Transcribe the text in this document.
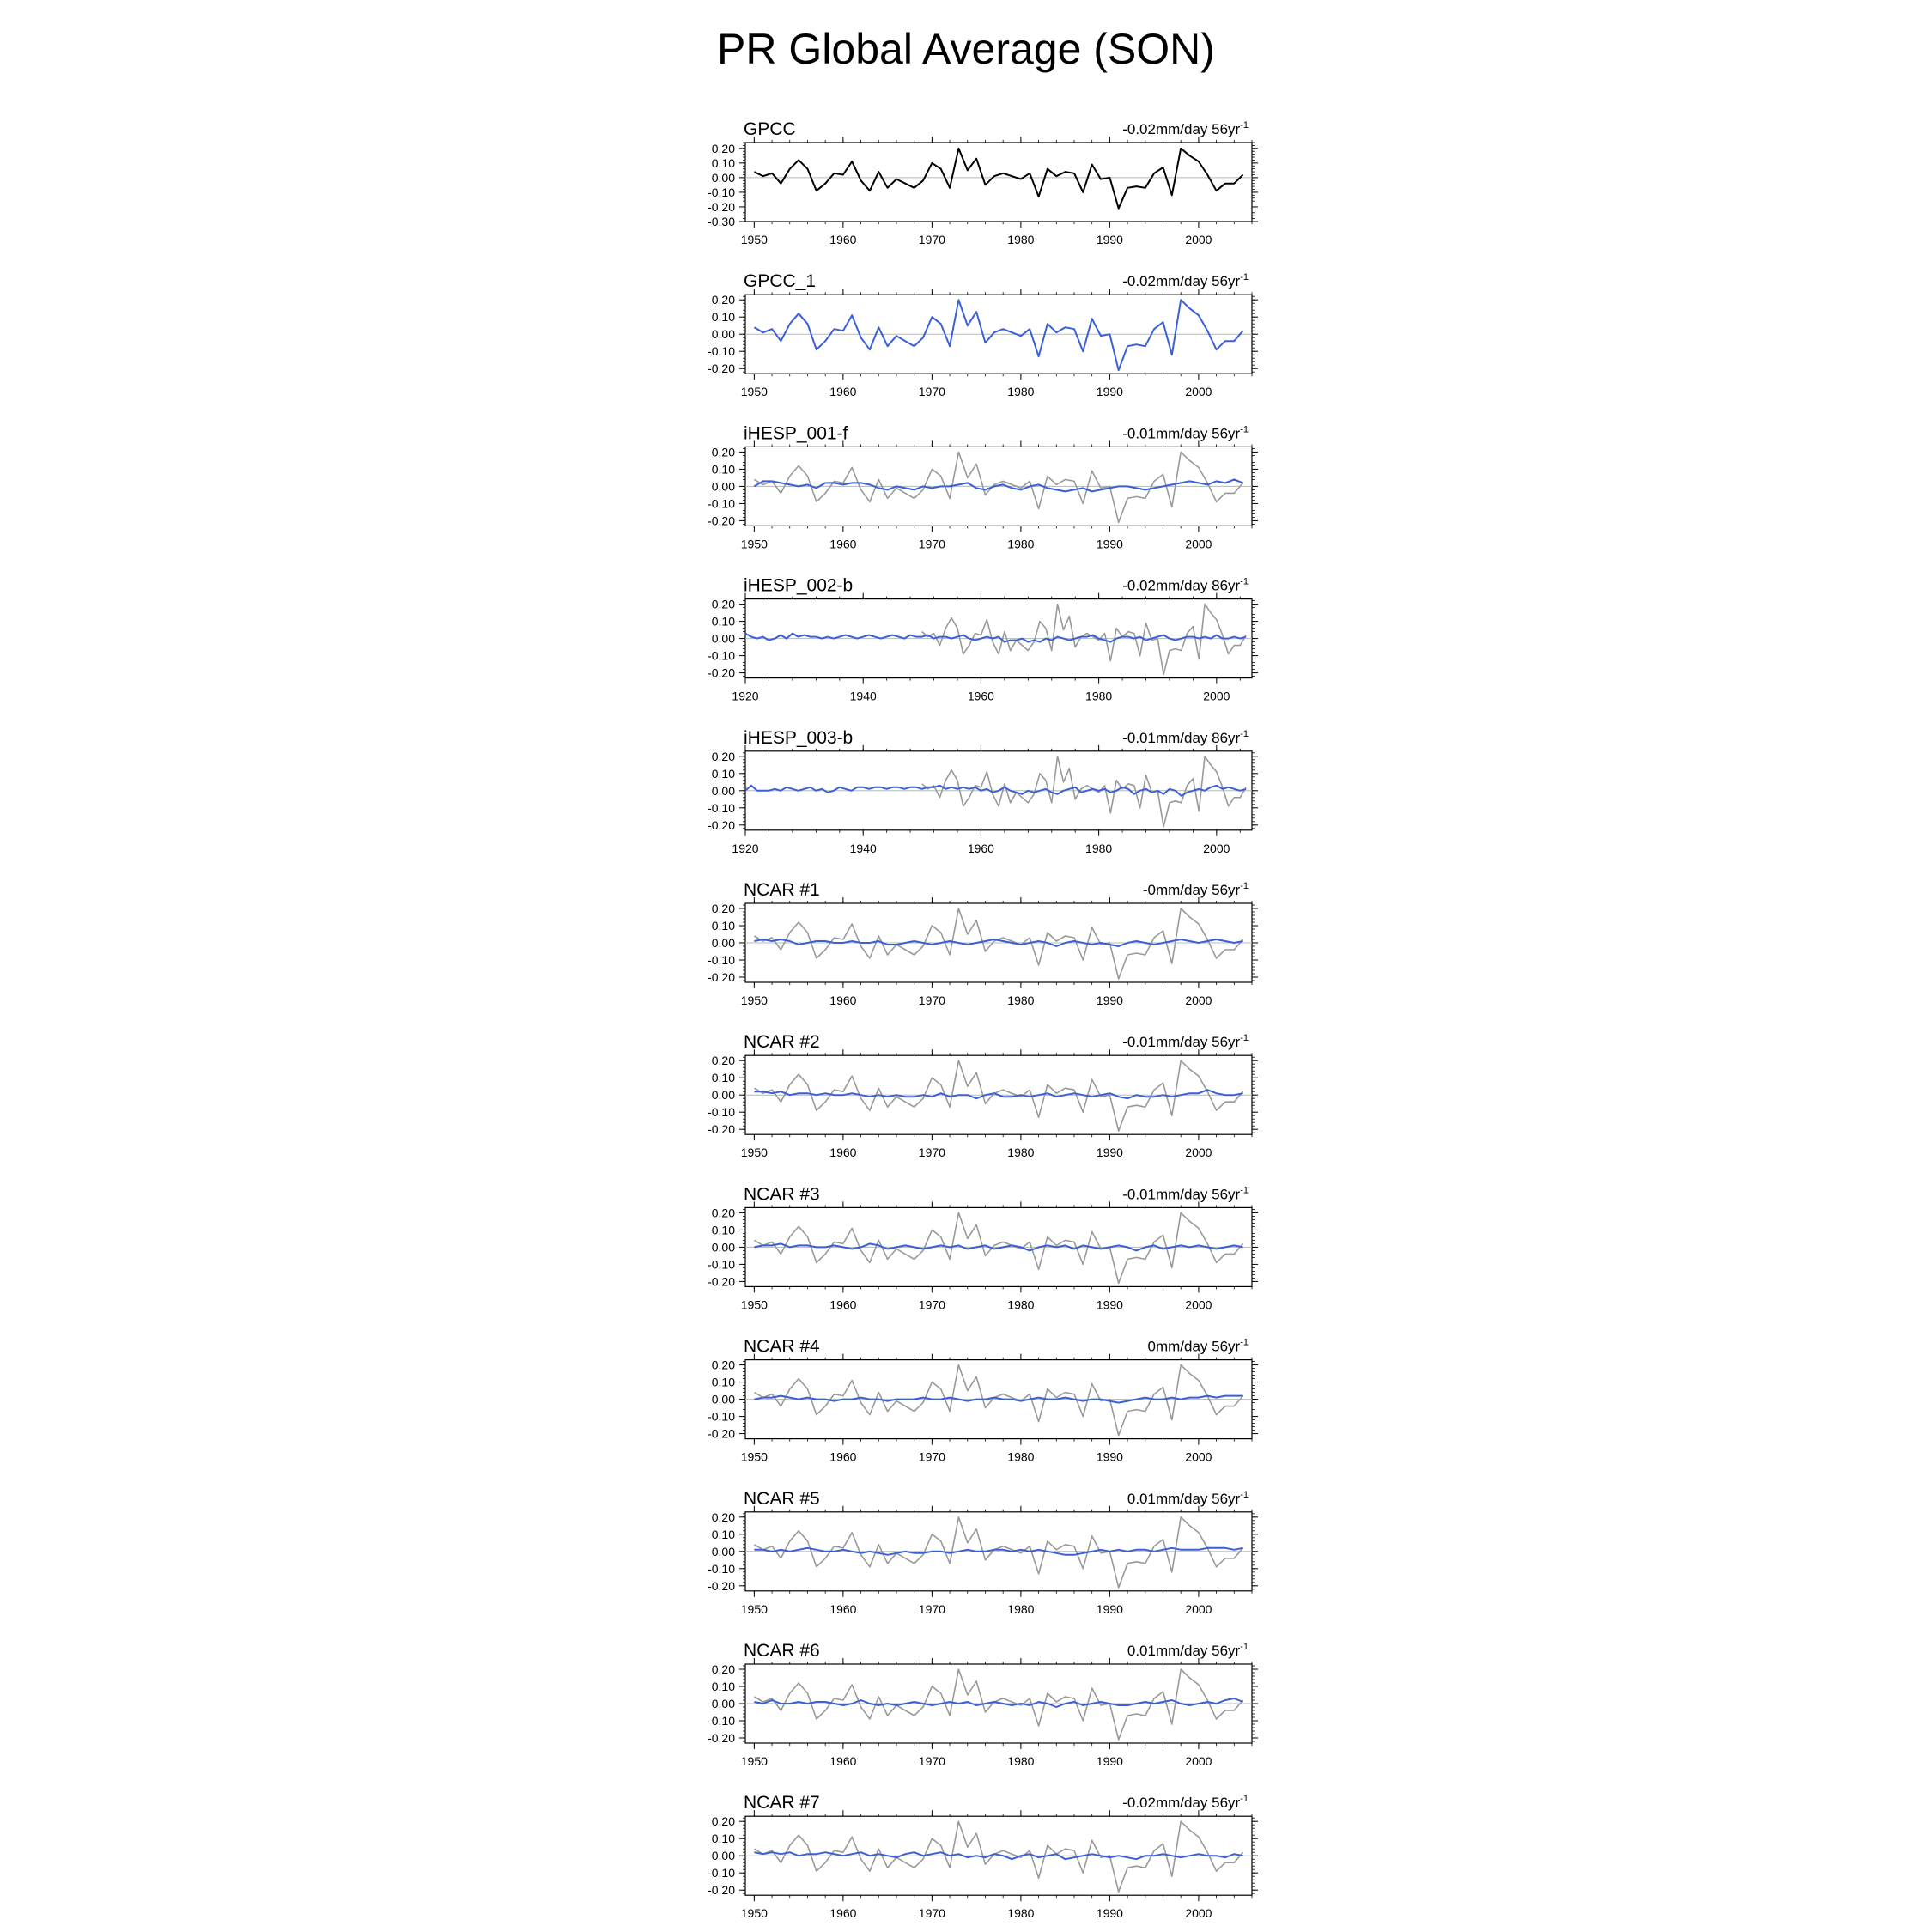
PR Global Average (SON)
GPCC	-0.02mm/day $56yr^{-1}$
0.20
0.10
0.00
-0.10
-0.20
-0.30
1950	1960	1970	1980	1990	2000
GPCC_1	-0.02mm/day $56yr^{-1}$
0.20
0.10
0.00
-0.10
-0.20
1950	1960	1970	1980	1990	2000
iHESP_001-f	-0.01mm/day $56yr^{-1}$
0.20
0.10
0.00
-0.10
-0.20
1950	1960	1970	1980	1990	2000
iHESP_002-b	-0.02mm/day $86yr^{-1}$
0.20
0.10
0.00
-0.10
-0.20
1920	1940	1960	1980	2000
iHESP_003-b	-0.01mm/day $86yr^{-1}$
0.20
0.10
0.00
-0.10
-0.20
1920	1940	1960	1980	2000
NCAR #1	-0mm/day $56yr^{-1}$
0.20
0.10
0.00
-0.10
-0.20
1950	1960	1970	1980	1990	2000
NCAR #2	-0.01mm/day $56yr^{-1}$
0.20
0.10
0.00
-0.10
-0.20
1950	1960	1970	1980	1990	2000
NCAR #3	-0.01mm/day $56yr^{-1}$
0.20
0.10
0.00
-0.10
-0.20
1950	1960	1970	1980	1990	2000
NCAR #4	0mm/day $56yr^{-1}$
0.20
0.10
0.00
-0.10
-0.20
1950	1960	1970	1980	1990	2000
NCAR #5	0.01mm/day $56yr^{-1}$
0.20
0.10
0.00
-0.10
-0.20
1950	1960	1970	1980	1990	2000
NCAR #6	0.01mm/day $56yr^{-1}$
0.20
0.10
0.00
-0.10
-0.20
1950	1960	1970	1980	1990	2000
NCAR #7	-0.02mm/day $56yr^{-1}$
0.20
0.10
0.00
-0.10
-0.20
1950	1960	1970	1980	1990	2000
